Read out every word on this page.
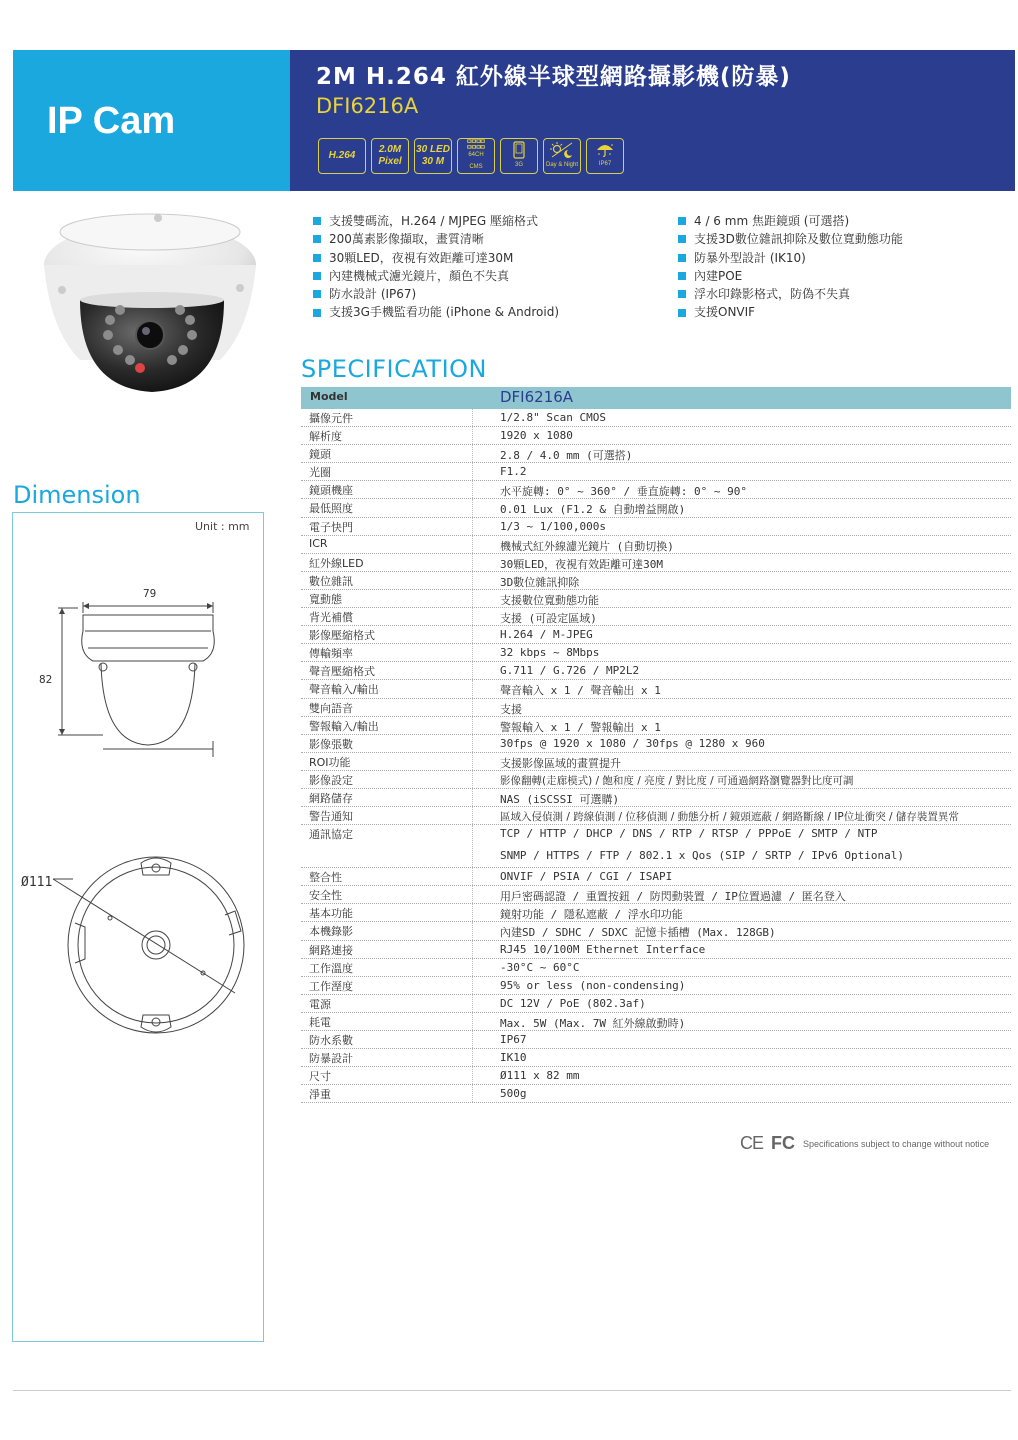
IP Cam
2M H.264 紅外線半球型網路攝影機(防暴)
DFI6216A
H.264
2.0M
Pixel
30 LED
30 M
64CH
CMS	3G	Day & Night	IP67
支援雙碼流，H.264 / MJPEG 壓縮格式
200萬素影像擷取，畫質清晰
30顆LED，夜視有效距離可達30M
內建機械式濾光鏡片，顏色不失真
防水設計 (IP67)
支援3G手機監看功能 (iPhone & Android)
4 / 6 mm 焦距鏡頭 (可選搭)
支援3D數位雜訊抑除及數位寬動態功能
防暴外型設計 (IK10)
內建POE
浮水印錄影格式，防偽不失真
支援ONVIF
SPECIFICATION
Model	DFI6216A
攝像元件	1/2.8" Scan CMOS
解析度	1920 x 1080
鏡頭	2.8 / 4.0 mm (可選搭)
光圈	F1.2
鏡頭機座	水平旋轉: 0° ~ 360° / 垂直旋轉: 0° ~ 90°
最低照度	0.01 Lux (F1.2 & 自動增益開啟)
電子快門	1/3 ~ 1/100,000s
ICR	機械式紅外線濾光鏡片 (自動切換)
紅外線LED	30顆LED，夜視有效距離可達30M
數位雜訊	3D數位雜訊抑除
寬動態	支援數位寬動態功能
背光補償	支援 (可設定區域)
影像壓縮格式	H.264 / M-JPEG
傳輸頻率	32 kbps ~ 8Mbps
聲音壓縮格式	G.711 / G.726 / MP2L2
聲音輸入/輸出	聲音輸入 x 1 / 聲音輸出 x 1
雙向語音	支援
警報輸入/輸出	警報輸入 x 1 / 警報輸出 x 1
影像張數	30fps @ 1920 x 1080 / 30fps @ 1280 x 960
ROI功能	支援影像區域的畫質提升
影像設定	影像翻轉(走廊模式) / 飽和度 / 亮度 / 對比度 / 可通過網路瀏覽器對比度可調
網路儲存	NAS (iSCSSI 可選購)
警告通知	區域入侵偵測 / 跨線偵測 / 位移偵測 / 動態分析 / 鏡頭遮蔽 / 網路斷線 / IP位址衝突 / 儲存裝置異常
通訊協定	TCP / HTTP / DHCP / DNS / RTP / RTSP / PPPoE / SMTP / NTP
SNMP / HTTPS / FTP / 802.1 x Qos (SIP / SRTP / IPv6 Optional)
整合性	ONVIF / PSIA / CGI / ISAPI
安全性	用戶密碼認證 / 重置按鈕 / 防閃動裝置 / IP位置過濾 / 匿名登入
基本功能	鏡射功能 / 隱私遮蔽 / 浮水印功能
本機錄影	內建SD / SDHC / SDXC 記憶卡插槽 (Max. 128GB)
網路連接	RJ45 10/100M Ethernet Interface
工作溫度	-30°C ~ 60°C
工作溼度	95% or less (non-condensing)
電源	DC 12V / PoE (802.3af)
耗電	Max. 5W (Max. 7W 紅外線啟動時)
防水系數	IP67
防暴設計	IK10
尺寸	Ø111 x 82 mm
淨重	500g
Dimension
Unit : mm
79
82
Ø111
CE FC Specifications subject to change without notice
